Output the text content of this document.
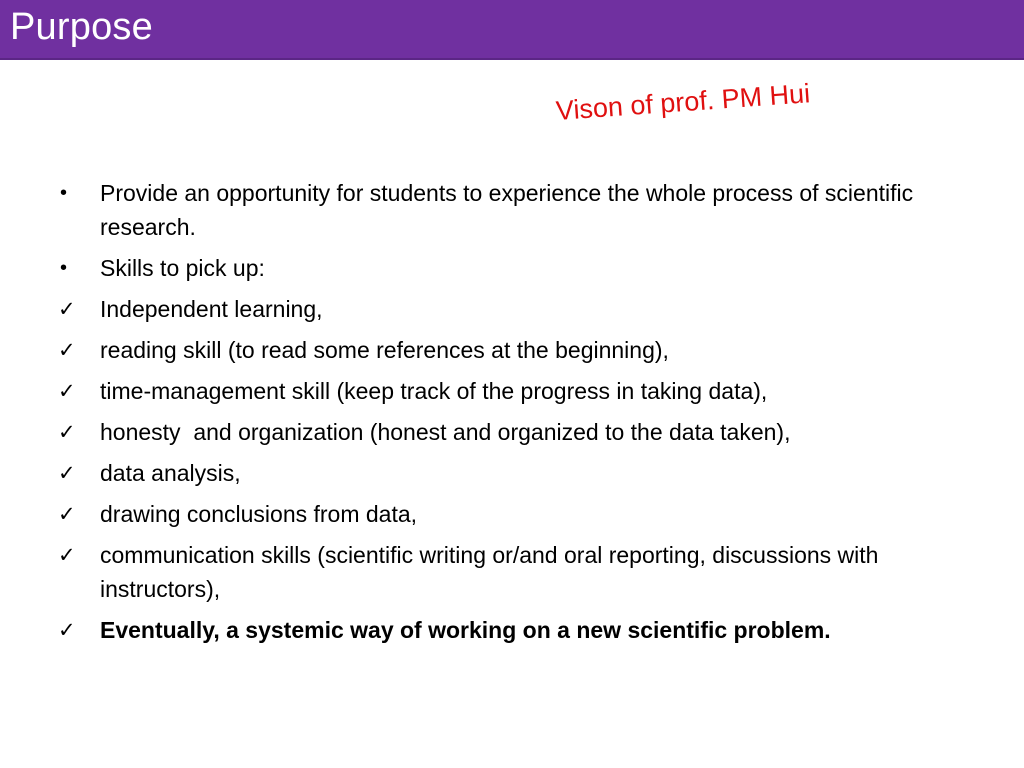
Purpose
Vison of prof. PM Hui
•	Provide an opportunity for students to experience the whole process of scientific research.
•	Skills to pick up:
✓ Independent learning,
✓ reading skill (to read some references at the beginning),
✓ time-management skill (keep track of the progress in taking data),
✓ honesty  and organization (honest and organized to the data taken),
✓ data analysis,
✓ drawing conclusions from data,
✓ communication skills (scientific writing or/and oral reporting, discussions with instructors),
✓ Eventually, a systemic way of working on a new scientific problem.
